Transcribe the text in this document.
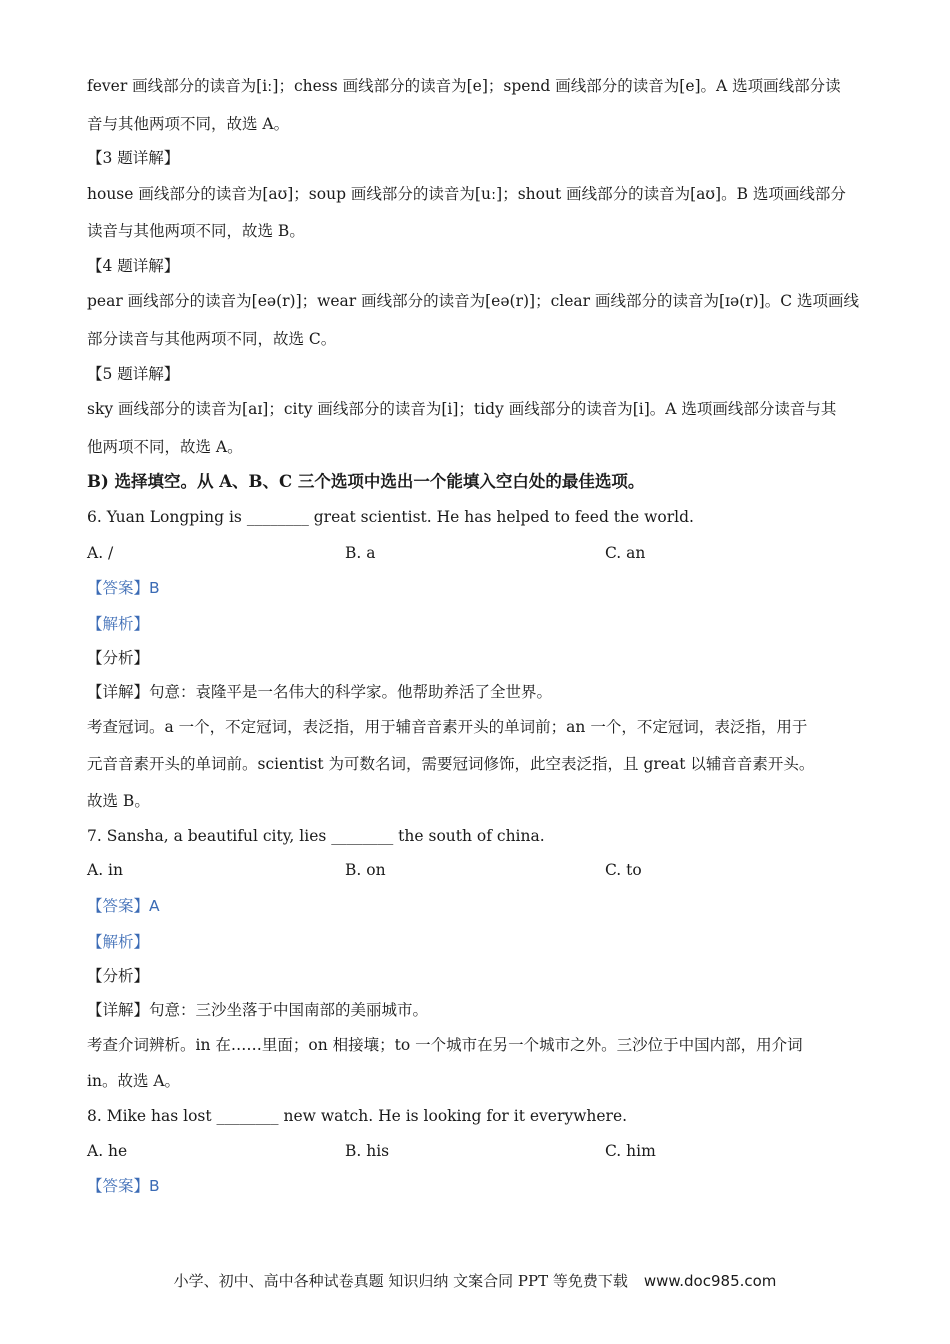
fever 画线部分的读音为[iː]；chess 画线部分的读音为[e]；spend 画线部分的读音为[e]。A 选项画线部分读
音与其他两项不同，故选 A。
【3 题详解】
house 画线部分的读音为[aʊ]；soup 画线部分的读音为[uː]；shout 画线部分的读音为[aʊ]。B 选项画线部分
读音与其他两项不同，故选 B。
【4 题详解】
pear 画线部分的读音为[eə(r)]；wear 画线部分的读音为[eə(r)]；clear 画线部分的读音为[ɪə(r)]。C 选项画线
部分读音与其他两项不同，故选 C。
【5 题详解】
sky 画线部分的读音为[aɪ]；city 画线部分的读音为[i]；tidy 画线部分的读音为[i]。A 选项画线部分读音与其
他两项不同，故选 A。
B) 选择填空。从 A、B、C 三个选项中选出一个能填入空白处的最佳选项。
6. Yuan Longping is ________ great scientist. He has helped to feed the world.
A. /	B. a	C. an
【答案】B
【解析】
【分析】
【详解】句意：袁隆平是一名伟大的科学家。他帮助养活了全世界。
考查冠词。a 一个，不定冠词，表泛指，用于辅音音素开头的单词前；an 一个，不定冠词，表泛指，用于
元音音素开头的单词前。scientist 为可数名词，需要冠词修饰，此空表泛指，且 great 以辅音音素开头。
故选 B。
7. Sansha, a beautiful city, lies ________ the south of china.
A. in	B. on	C. to
【答案】A
【解析】
【分析】
【详解】句意：三沙坐落于中国南部的美丽城市。
考查介词辨析。in 在……里面；on 相接壤；to 一个城市在另一个城市之外。三沙位于中国内部，用介词
in。故选 A。
8. Mike has lost ________ new watch. He is looking for it everywhere.
A. he	B. his	C. him
【答案】B
小学、初中、高中各种试卷真题 知识归纳 文案合同 PPT 等免费下载 www.doc985.com
